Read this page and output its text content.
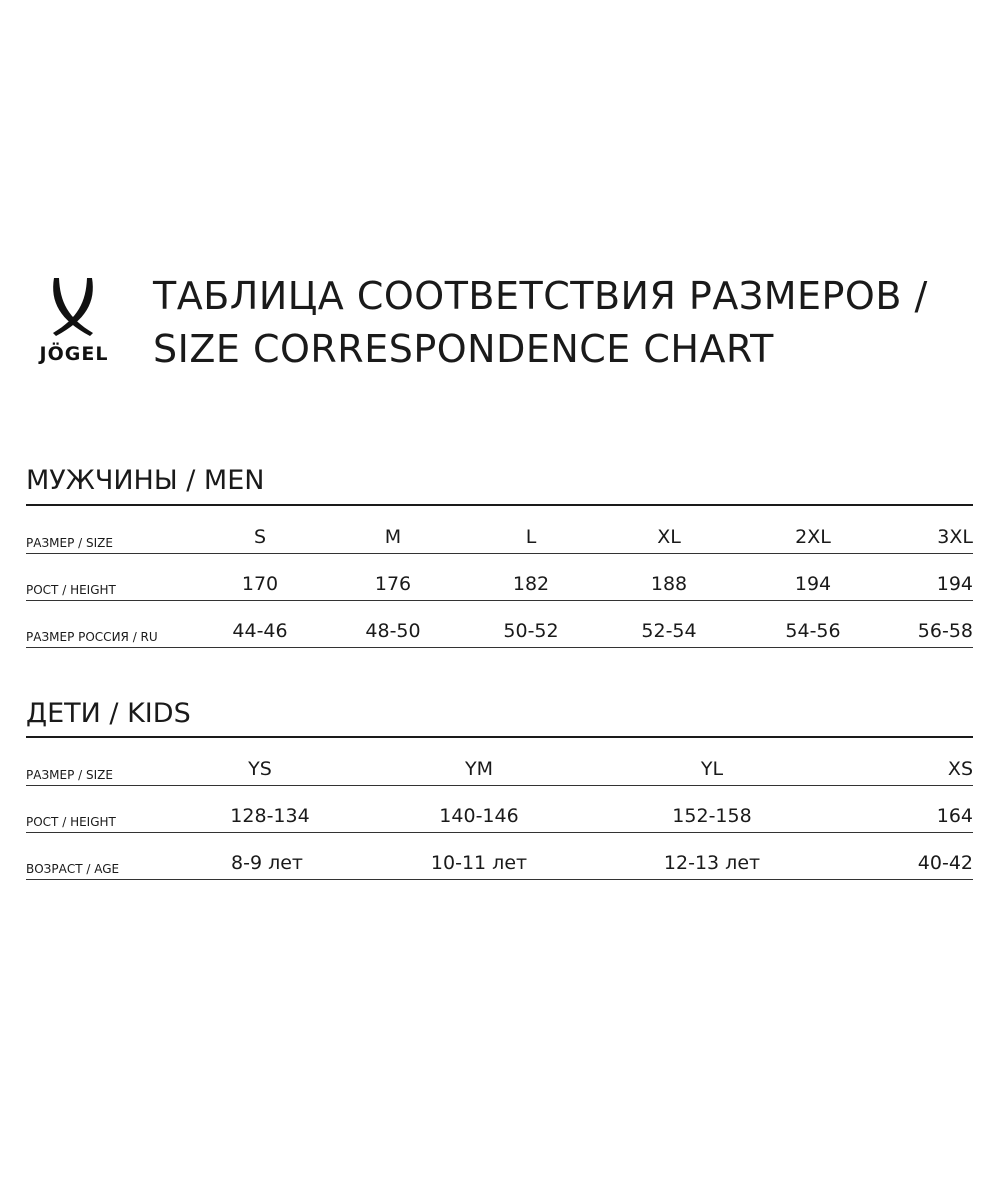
JÖGEL
ТАБЛИЦА СООТВЕТСТВИЯ РАЗМЕРОВ /
SIZE CORRESPONDENCE CHART
МУЖЧИНЫ / MEN
РАЗМЕР / SIZE	S	M	L	XL	2XL	3XL
РОСТ / HEIGHT	170	176	182	188	194	194
РАЗМЕР РОССИЯ / RU	44-46	48-50	50-52	52-54	54-56	56-58
ДЕТИ / KIDS
РАЗМЕР / SIZE	YS	YM	YL	XS
РОСТ / HEIGHT	128-134	140-146	152-158	164
ВОЗРАСТ / AGE	8-9 лет	10-11 лет	12-13 лет	40-42
